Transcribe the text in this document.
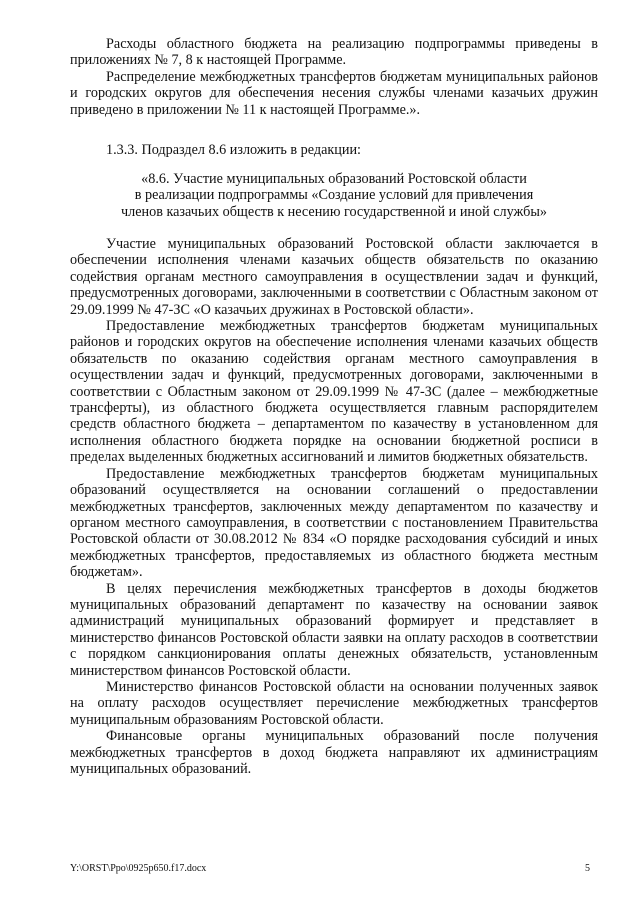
Расходы областного бюджета на реализацию подпрограммы приведены в приложениях № 7, 8 к настоящей Программе.

Распределение межбюджетных трансфертов бюджетам муниципальных районов и городских округов для обеспечения несения службы членами казачьих дружин приведено в приложении № 11 к настоящей Программе.».

1.3.3. Подраздел 8.6 изложить в редакции:

«8.6. Участие муниципальных образований Ростовской области

в реализации подпрограммы «Создание условий для привлечения

членов казачьих обществ к несению государственной и иной службы»

Участие муниципальных образований Ростовской области заключается в обеспечении исполнения членами казачьих обществ обязательств по оказанию содействия органам местного самоуправления в осуществлении задач и функций, предусмотренных договорами, заключенными в соответствии с Областным законом от 29.09.1999 № 47-ЗС «О казачьих дружинах в Ростовской области».

Предоставление межбюджетных трансфертов бюджетам муниципальных районов и городских округов на обеспечение исполнения членами казачьих обществ обязательств по оказанию содействия органам местного самоуправления в осуществлении задач и функций, предусмотренных договорами, заключенными в соответствии с Областным законом от 29.09.1999 № 47-ЗС (далее – межбюджетные трансферты), из областного бюджета осуществляется главным распорядителем средств областного бюджета – департаментом по казачеству в установленном для исполнения областного бюджета порядке на основании бюджетной росписи в пределах выделенных бюджетных ассигнований и лимитов бюджетных обязательств.

Предоставление межбюджетных трансфертов бюджетам муниципальных образований осуществляется на основании соглашений о предоставлении межбюджетных трансфертов, заключенных между департаментом по казачеству и органом местного самоуправления, в соответствии с постановлением Правительства Ростовской области от 30.08.2012 № 834 «О порядке расходования субсидий и иных межбюджетных трансфертов, предоставляемых из областного бюджета местным бюджетам».

В целях перечисления межбюджетных трансфертов в доходы бюджетов муниципальных образований департамент по казачеству на основании заявок администраций муниципальных образований формирует и представляет в министерство финансов Ростовской области заявки на оплату расходов в соответствии с порядком санкционирования оплаты денежных обязательств, установленным министерством финансов Ростовской области.

Министерство финансов Ростовской области на основании полученных заявок на оплату расходов осуществляет перечисление межбюджетных трансфертов муниципальным образованиям Ростовской области.

Финансовые органы муниципальных образований после получения межбюджетных трансфертов в доход бюджета направляют их администрациям муниципальных образований.

Y:\ORST\Ppo\0925p650.f17.docx	5
